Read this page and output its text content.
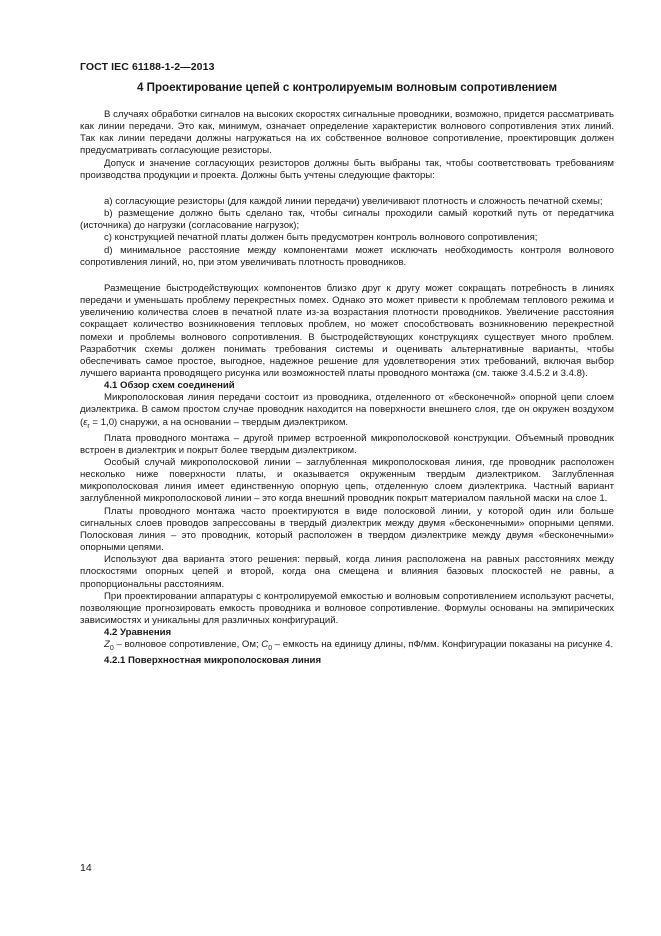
ГОСТ IEC 61188-1-2—2013
4 Проектирование цепей с контролируемым волновым сопротивлением

В случаях обработки сигналов на высоких скоростях сигнальные проводники, возможно, придется рассматривать как линии передачи. Это как, минимум, означает определение характеристик волнового сопротивления этих линий. Так как линии передачи должны нагружаться на их собственное волновое сопротивление, проектировщик должен предусматривать согласующие резисторы.

Допуск и значение согласующих резисторов должны быть выбраны так, чтобы соответствовать требованиям производства продукции и проекта. Должны быть учтены следующие факторы:

a) согласующие резисторы (для каждой линии передачи) увеличивают плотность и сложность печатной схемы;

b) размещение должно быть сделано так, чтобы сигналы проходили самый короткий путь от передатчика (источника) до нагрузки (согласование нагрузок);

c) конструкцией печатной платы должен быть предусмотрен контроль волнового сопротивления;

d) минимальное расстояние между компонентами может исключать необходимость контроля волнового сопротивления линий, но, при этом увеличивать плотность проводников.

Размещение быстродействующих компонентов близко друг к другу может сокращать потребность в линиях передачи и уменьшать проблему перекрестных помех. Однако это может привести к проблемам теплового режима и увеличению количества слоев в печатной плате из-за возрастания плотности проводников. Увеличение расстояния сокращает количество возникновения тепловых проблем, но может способствовать возникновению перекрестной помехи и проблемы волнового сопротивления. В быстродействующих конструкциях существует много проблем. Разработчик схемы должен понимать требования системы и оценивать альтернативные варианты, чтобы обеспечивать самое простое, выгодное, надежное решение для удовлетворения этих требований, включая выбор лучшего варианта проводящего рисунка или возможностей платы проводного монтажа (см. также 3.4.5.2 и 3.4.8).

4.1 Обзор схем соединений

Микрополосковая линия передачи состоит из проводника, отделенного от «бесконечной» опорной цепи слоем диэлектрика. В самом простом случае проводник находится на поверхности внешнего слоя, где он окружен воздухом $(\varepsilon_r = 1,0)$ снаружи, а на основании – твердым диэлектриком.

Плата проводного монтажа – другой пример встроенной микрополосковой конструкции. Объемный проводник встроен в диэлектрик и покрыт более твердым диэлектриком.

Особый случай микрополосковой линии – заглубленная микрополосковая линия, где проводник расположен несколько ниже поверхности платы, и оказывается окруженным твердым диэлектриком. Заглубленная микрополосковая линия имеет единственную опорную цепь, отделенную слоем диэлектрика. Частный вариант заглубленной микрополосковой линии – это когда внешний проводник покрыт материалом паяльной маски на слое 1.

Платы проводного монтажа часто проектируются в виде полосковой линии, у которой один или больше сигнальных слоев проводов запрессованы в твердый диэлектрик между двумя «бесконечными» опорными цепями. Полосковая линия – это проводник, который расположен в твердом диэлектрике между двумя «бесконечными» опорными цепями.

Используют два варианта этого решения: первый, когда линия расположена на равных расстояниях между плоскостями опорных цепей и второй, когда она смещена и влияния базовых плоскостей не равны, а пропорциональны расстояниям.

При проектировании аппаратуры с контролируемой емкостью и волновым сопротивлением используют расчеты, позволяющие прогнозировать емкость проводника и волновое сопротивление. Формулы основаны на эмпирических зависимостях и уникальны для различных конфигураций.

4.2 Уравнения

$Z_0$ – волновое сопротивление, Ом; $C_0$ – емкость на единицу длины, пФ/мм. Конфигурации показаны на рисунке 4.

4.2.1 Поверхностная микрополосковая линия
14
